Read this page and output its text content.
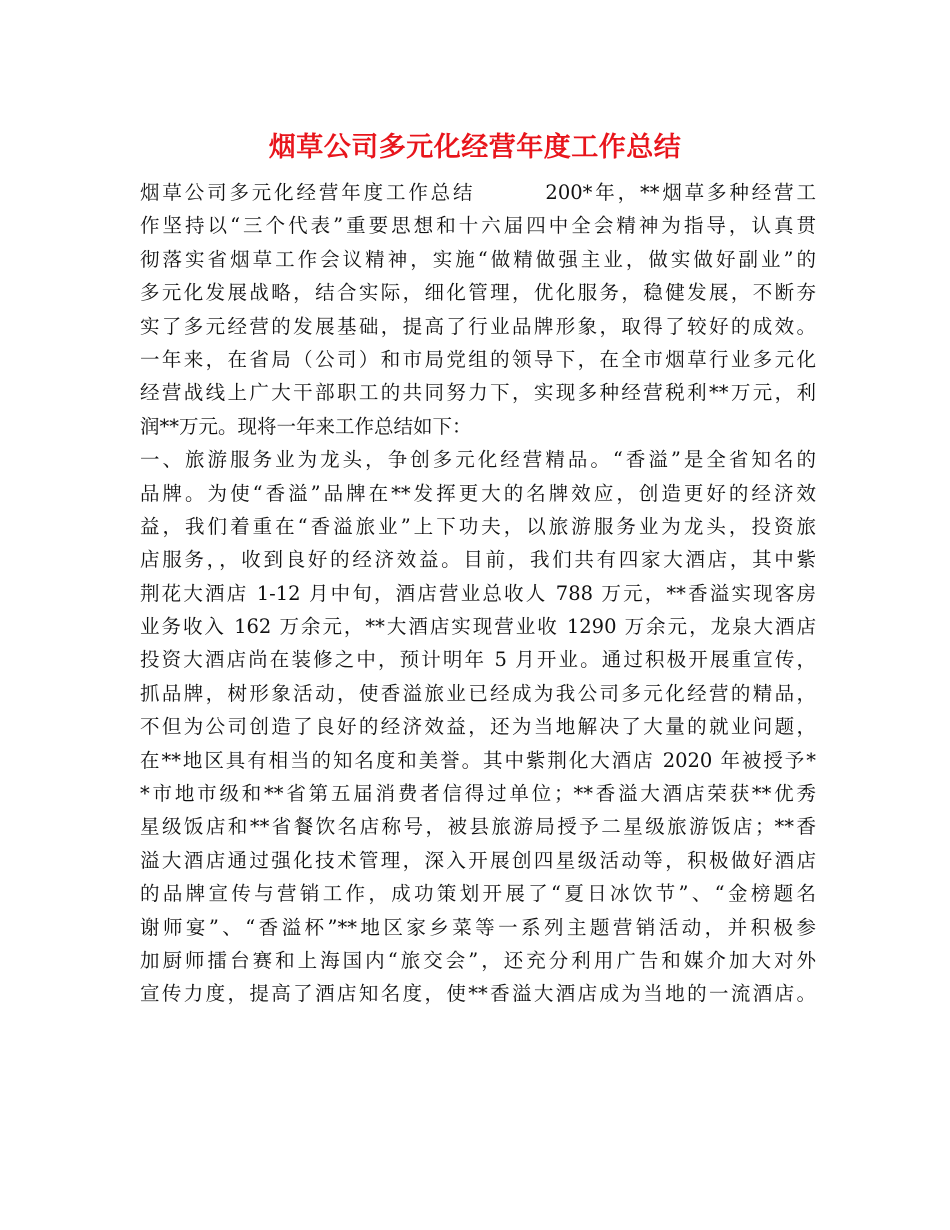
烟草公司多元化经营年度工作总结
烟草公司多元化经营年度工作总结	200*年，**烟草多种经营工
作坚持以“三个代表”重要思想和十六届四中全会精神为指导，认真贯
彻落实省烟草工作会议精神，实施“做精做强主业，做实做好副业”的
多元化发展战略，结合实际，细化管理，优化服务，稳健发展，不断夯
实了多元经营的发展基础，提高了行业品牌形象，取得了较好的成效。
一年来，在省局（公司）和市局党组的领导下，在全市烟草行业多元化
经营战线上广大干部职工的共同努力下，实现多种经营税利**万元，利
润**万元。现将一年来工作总结如下：
一、旅游服务业为龙头，争创多元化经营精品。“香溢”是全省知名的
品牌。为使“香溢”品牌在**发挥更大的名牌效应，创造更好的经济效
益，我们着重在“香溢旅业”上下功夫，以旅游服务业为龙头，投资旅
店服务，，收到良好的经济效益。目前，我们共有四家大酒店，其中紫
荆花大酒店 1-12 月中旬，酒店营业总收人 788 万元，**香溢实现客房
业务收入 162 万余元，**大酒店实现营业收 1290 万余元，龙泉大酒店
投资大酒店尚在装修之中，预计明年 5 月开业。通过积极开展重宣传，
抓品牌，树形象活动，使香溢旅业已经成为我公司多元化经营的精品，
不但为公司创造了良好的经济效益，还为当地解决了大量的就业问题，
在**地区具有相当的知名度和美誉。其中紫荆化大酒店 2020 年被授予*
*市地市级和**省第五届消费者信得过单位；**香溢大酒店荣获**优秀
星级饭店和**省餐饮名店称号，被县旅游局授予二星级旅游饭店；**香
溢大酒店通过强化技术管理，深入开展创四星级活动等，积极做好酒店
的品牌宣传与营销工作，成功策划开展了“夏日冰饮节”、“金榜题名
谢师宴”、“香溢杯”**地区家乡菜等一系列主题营销活动，并积极参
加厨师擂台赛和上海国内“旅交会”，还充分利用广告和媒介加大对外
宣传力度，提高了酒店知名度，使**香溢大酒店成为当地的一流酒店。
